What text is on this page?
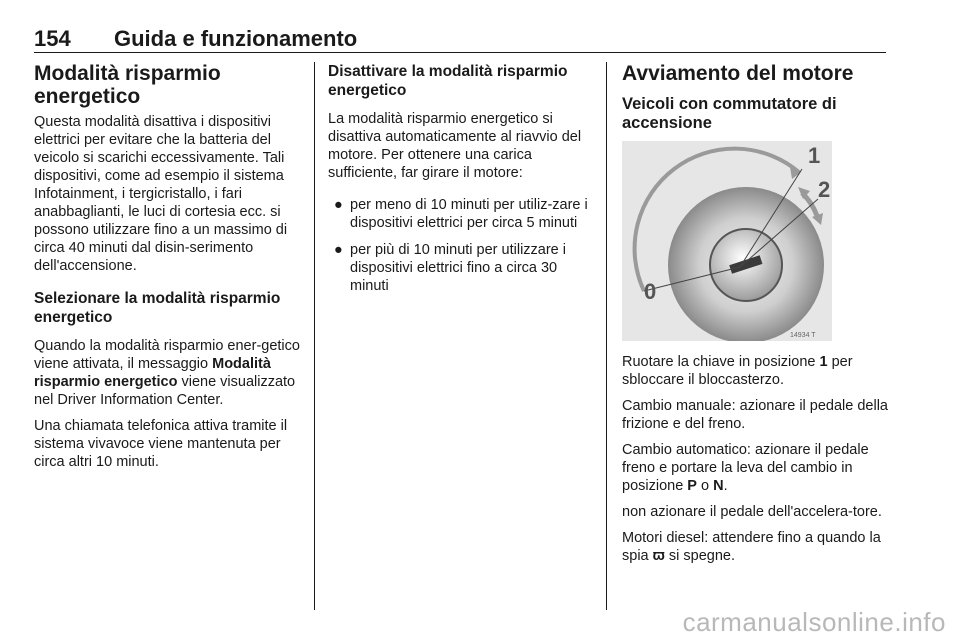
154 Guida e funzionamento
Modalità risparmio energetico

Questa modalità disattiva i dispositivi elettrici per evitare che la batteria del veicolo si scarichi eccessivamente. Tali dispositivi, come ad esempio il sistema Infotainment, i tergicristallo, i fari anabbaglianti, le luci di cortesia ecc. si possono utilizzare fino a un massimo di circa 40 minuti dal disin-serimento dell'accensione.

Selezionare la modalità risparmio energetico

Quando la modalità risparmio ener-getico viene attivata, il messaggio Modalità risparmio energetico viene visualizzato nel Driver Information Center.

Una chiamata telefonica attiva tramite il sistema vivavoce viene mantenuta per circa altri 10 minuti.

Disattivare la modalità risparmio energetico

La modalità risparmio energetico si disattiva automaticamente al riavvio del motore. Per ottenere una carica sufficiente, far girare il motore:

● per meno di 10 minuti per utiliz-zare i dispositivi elettrici per circa 5 minuti
● per più di 10 minuti per utilizzare i dispositivi elettrici fino a circa 30 minuti
Avviamento del motore
Veicoli con commutatore di accensione
0
1
2
14934 T

Ruotare la chiave in posizione 1 per sbloccare il bloccasterzo.

Cambio manuale: azionare il pedale della frizione e del freno.

Cambio automatico: azionare il pedale freno e portare la leva del cambio in posizione P o N.

non azionare il pedale dell'accelera-tore.

Motori diesel: attendere fino a quando la spia ϖ si spegne.

carmanualsonline.info
